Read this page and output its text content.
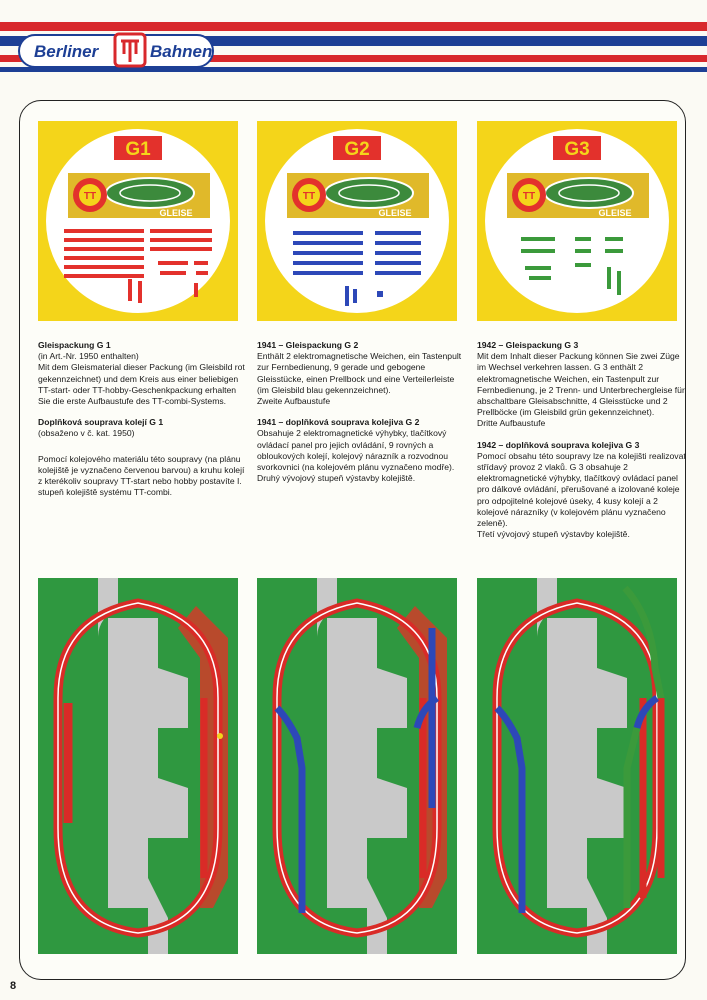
Berliner	Bahnen
G1
TT
GLEISE
G2
TT
GLEISE
G3
TT
GLEISE

Gleispackung G 1
(in Art.-Nr. 1950 enthalten)
Mit dem Gleismaterial dieser Packung (im Gleisbild rot gekennzeichnet) und dem Kreis aus einer beliebigen TT-start- oder TT-hobby-Geschenkpackung erhalten Sie die erste Aufbaustufe des TT-combi-Systems.

Doplňková souprava kolejí G 1
(obsaženo v č. kat. 1950)

Pomocí kolejového materiálu této soupravy (na plánu kolejiště je vyznačeno červenou barvou) a kruhu kolejí z kterékoliv soupravy TT-start nebo hobby postavíte I. stupeň kolejiště systému TT-combi.

1941 – Gleispackung G 2
Enthält 2 elektromagnetische Weichen, ein Tastenpult zur Fernbedienung, 9 gerade und gebogene Gleisstücke, einen Prellbock und eine Verteilerleiste (im Gleisbild blau gekennzeichnet).
Zweite Aufbaustufe

1941 – doplňková souprava kolejiva G 2
Obsahuje 2 elektromagnetické výhybky, tlačítkový ovládací panel pro jejich ovládání, 9 rovných a obloukových kolejí, kolejový nárazník a rozvodnou svorkovnici (na kolejovém plánu vyznačeno modře).
Druhý vývojový stupeň výstavby kolejiště.

1942 – Gleispackung G 3
Mit dem Inhalt dieser Packung können Sie zwei Züge im Wechsel verkehren lassen. G 3 enthält 2 elektromagnetische Weichen, ein Tastenpult zur Fernbedienung, je 2 Trenn- und Unterbrechergleise für abschaltbare Gleisabschnitte, 4 Gleisstücke und 2 Prellböcke (im Gleisbild grün gekennzeichnet).
Dritte Aufbaustufe

1942 – doplňková souprava kolejiva G 3
Pomocí obsahu této soupravy lze na kolejišti realizovat střídavý provoz 2 vlaků. G 3 obsahuje 2 elektromagnetické výhybky, tlačítkový ovládací panel pro dálkové ovládání, přerušované a izolované koleje pro odpojitelné kolejové úseky, 4 kusy kolejí a 2 kolejové nárazníky (v kolejovém plánu vyznačeno zeleně).
Třetí vývojový stupeň výstavby kolejiště.

8
